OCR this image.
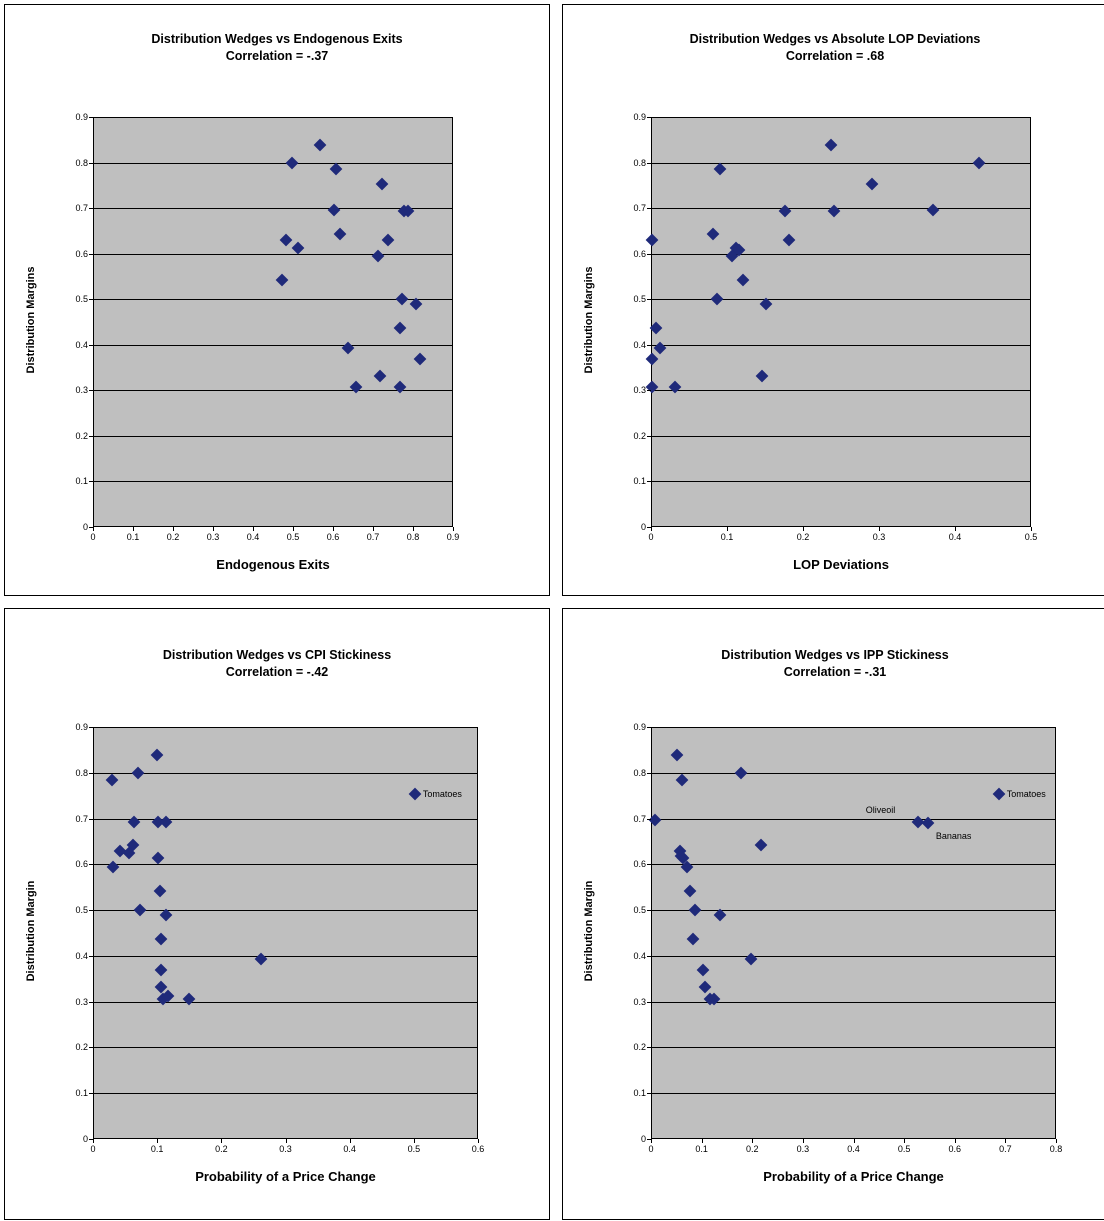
Distribution Wedges vs Endogenous Exits
Correlation = -.37
0
0.1
0.2
0.3
0.4
0.5
0.6
0.7
0.8
0.9
0	0.1	0.2	0.3	0.4	0.5	0.6	0.7	0.8	0.9
Distribution Margins
Endogenous Exits
Distribution Wedges vs Absolute LOP Deviations
Correlation = .68
0
0.1
0.2
0.3
0.4
0.5
0.6
0.7
0.8
0.9
0	0.1	0.2	0.3	0.4	0.5
Distribution Margins
LOP Deviations
Distribution Wedges vs CPI Stickiness
Correlation = -.42
Tomatoes
0
0.1
0.2
0.3
0.4
0.5
0.6
0.7
0.8
0.9
0	0.1	0.2	0.3	0.4	0.5	0.6
Distribution Margin
Probability of a Price Change
Distribution Wedges vs IPP Stickiness
Correlation = -.31
Tomatoes
Oliveoil
Bananas
0
0.1
0.2
0.3
0.4
0.5
0.6
0.7
0.8
0.9
0	0.1	0.2	0.3	0.4	0.5	0.6	0.7	0.8
Distribution Margin
Probability of a Price Change
